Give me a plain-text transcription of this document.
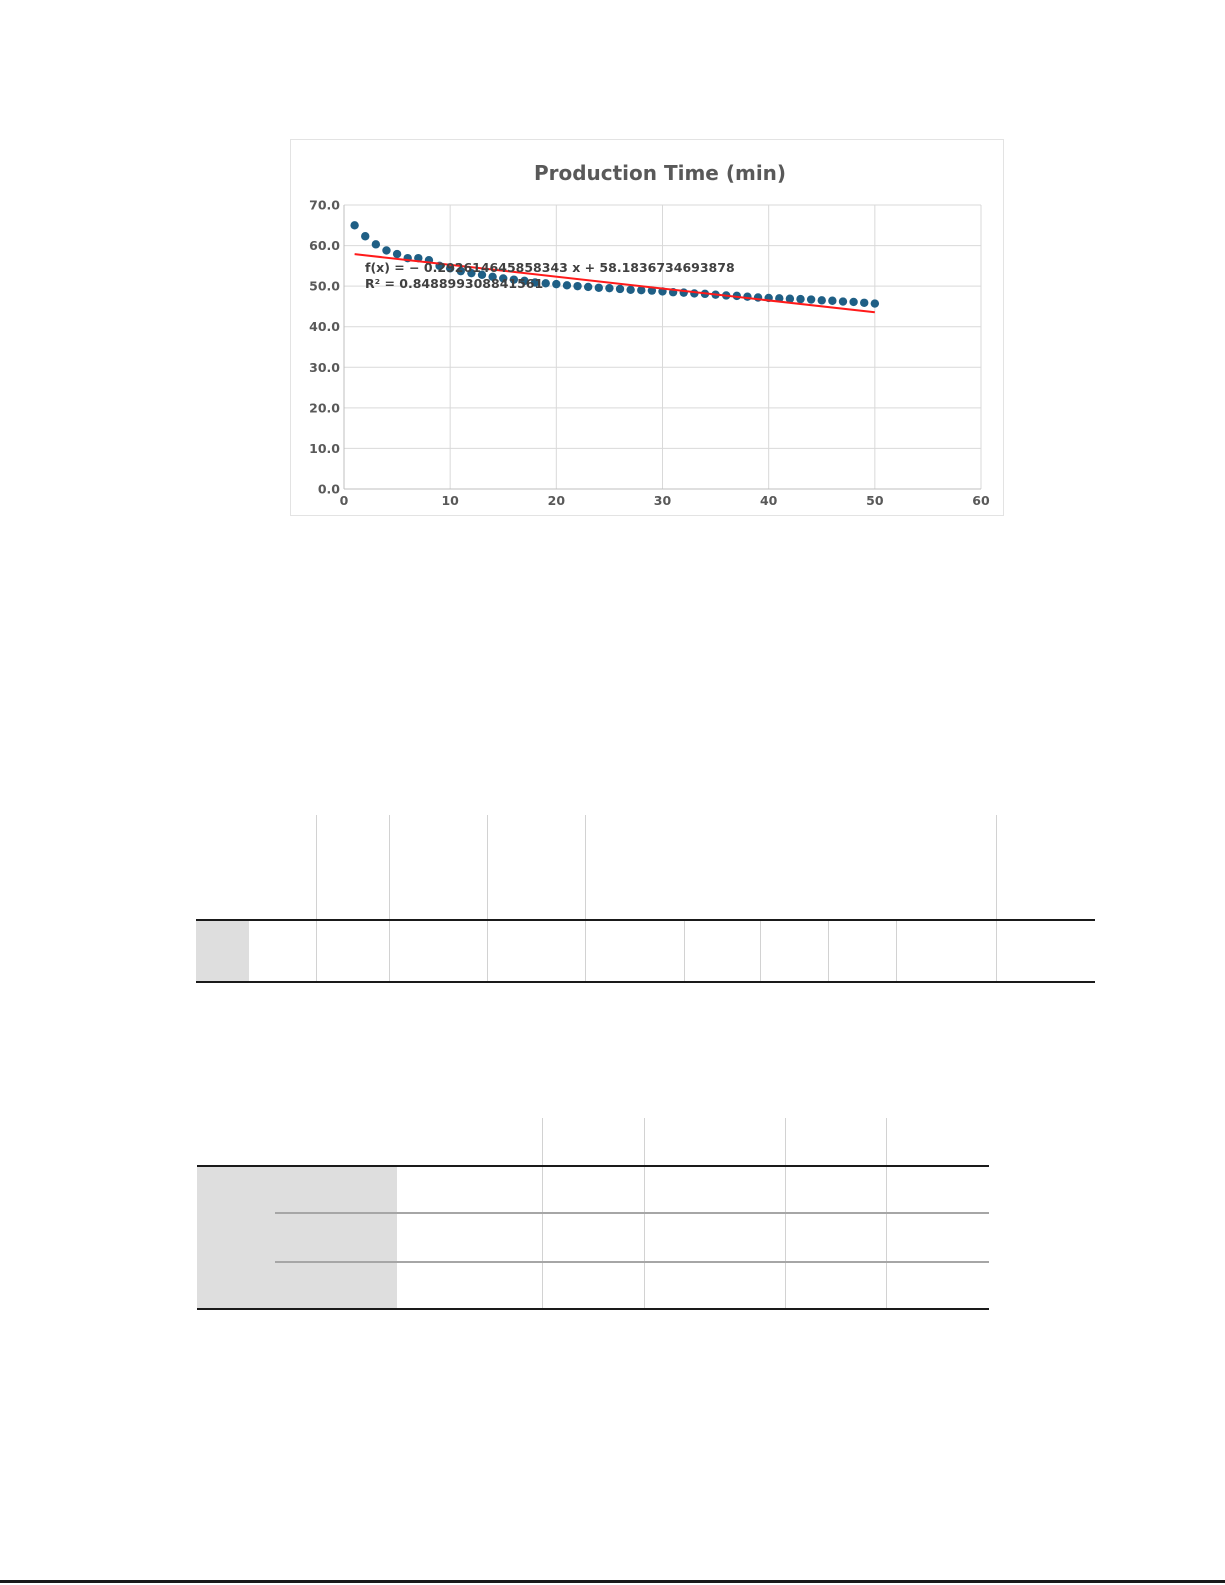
Production Time (min)
0	10	20	30	40	50	60
0.0
10.0
20.0
30.0
40.0
50.0
60.0
70.0
f(x) = − 0.292614645858343 x + 58.1836734693878
R² = 0.848899308841561
